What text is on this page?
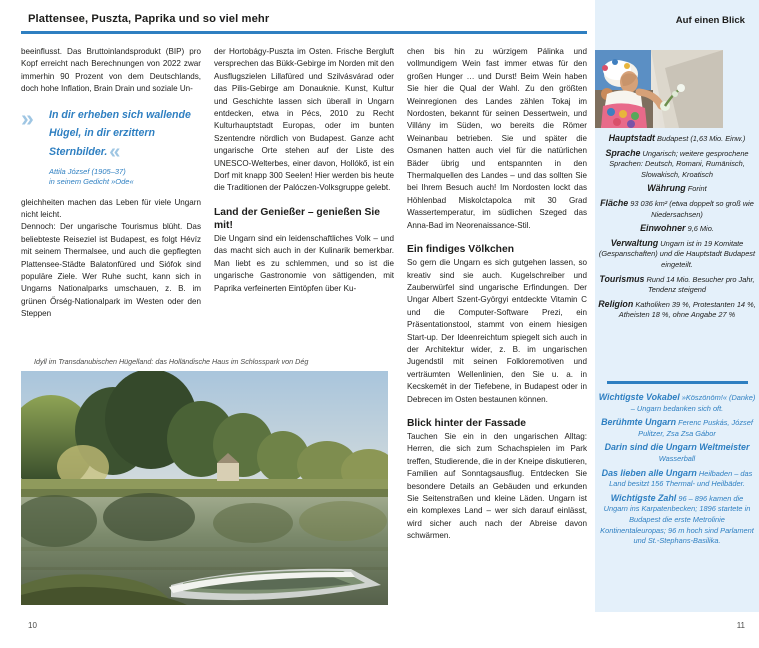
Plattensee, Puszta, Paprika und so viel mehr

beeinflusst. Das Bruttoinlandsprodukt (BIP) pro Kopf erreicht nach Berechnungen von 2022 zwar immerhin 90 Prozent von dem Deutschlands, doch hohe Inflation, Brain Drain und soziale Un-

» In dir erheben sich wallende Hügel, in dir erzittern Sternbilder. «
Attila József (1905–37)
in seinem Gedicht »Ode«

gleichheiten machen das Leben für viele Ungarn nicht leicht.

Dennoch: Der ungarische Tourismus blüht. Das beliebteste Reiseziel ist Budapest, es folgt Hévíz mit seinem Thermalsee, und auch die gepflegten Plattensee-Städte Balatonfüred und Siófok sind populäre Ziele. Wer Ruhe sucht, kann sich in Ungarns Nationalparks umschauen, z. B. im grünen Őrség-Nationalpark im Westen oder den Steppen

der Hortobágy-Puszta im Osten. Frische Bergluft versprechen das Bükk-Gebirge im Norden mit den Ausflugszielen Lillafüred und Szilvásvárad oder das Pilis-Gebirge am Donauknie. Kunst, Kultur und Geschichte lassen sich überall in Ungarn entdecken, etwa in Pécs, 2010 zu Recht Kulturhauptstadt Europas, oder im bunten Szentendre nördlich von Budapest. Ganze acht ungarische Orte stehen auf der Liste des UNESCO-Welterbes, einer davon, Hollókő, ist ein Dorf mit knapp 300 Seelen! Hier werden bis heute die Traditionen der Palóczen-Volksgruppe gelebt.

Land der Genießer – genießen Sie mit!

Die Ungarn sind ein leidenschaftliches Volk – und das macht sich auch in der Kulinarik bemerkbar. Man liebt es zu schlemmen, und so ist die ungarische Gastronomie von sättigenden, mit Paprika verfeinerten Eintöpfen über Ku-

chen bis hin zu würzigem Pálinka und vollmundigem Wein fast immer etwas für den großen Hunger … und Durst! Beim Wein haben Sie hier die Qual der Wahl. Zu den größten Weinregionen des Landes zählen Tokaj im Nordosten, bekannt für seinen Dessertwein, und Villány im Süden, wo bereits die Römer Weinanbau betrieben. Sie und später die Osmanen hatten auch viel für die natürlichen Bäder übrig und entspannten in den Thermalquellen des Landes – und das sollten Sie bei Ihrem Besuch auch! Im Nordosten lockt das Höhlenbad Miskolctapolca mit 30 Grad Wassertemperatur, im südlichen Szeged das Anna-Bad im Neorenaissance-Stil.

Ein findiges Völkchen

So gern die Ungarn es sich gutgehen lassen, so kreativ sind sie auch. Kugelschreiber und Zauberwürfel sind ungarische Erfindungen. Der Ungar Albert Szent-Györgyi entdeckte Vitamin C und die Computer-Software Prezi, ein Präsentationstool, stammt von einem hiesigen Start-up. Der Ideenreichtum spiegelt sich auch in der Architektur wider, z. B. im ungarischen Jugendstil mit seinen Folkloremotiven und verträumten Wellenlinien, den Sie u. a. in Kecskemét in der Tiefebene, in Budapest oder in Debrecen im Osten bestaunen können.

Blick hinter der Fassade

Tauchen Sie ein in den ungarischen Alltag: Herren, die sich zum Schachspielen im Park treffen, Studierende, die in der Kneipe diskutieren, Familien auf Sonntagsausflug. Entdecken Sie besondere Details an Gebäuden und erkunden Sie Seitenstraßen und kleine Läden. Ungarn ist ein komplexes Land – wer sich darauf einlässt, wird sicher auch nach der Abreise davon schwärmen.

Idyll im Transdanubischen Hügelland: das Holländische Haus im Schlosspark von Dég
10
Auf einen Blick
Hauptstadt Budapest (1,63 Mio. Einw.)
Sprache Ungarisch; weitere gesprochene Sprachen: Deutsch, Romani, Rumänisch, Slowakisch, Kroatisch
Währung Forint
Fläche 93 036 km² (etwa doppelt so groß wie Niedersachsen)
Einwohner 9,6 Mio.
Verwaltung Ungarn ist in 19 Komitate (Gespanschaften) und die Hauptstadt Budapest eingeteilt.
Tourismus Rund 14 Mio. Besucher pro Jahr, Tendenz steigend
Religion Katholiken 39 %, Protestanten 14 %, Atheisten 18 %, ohne Angabe 27 %
Wichtigste Vokabel »Köszönöm!« (Danke) – Ungarn bedanken sich oft.
Berühmte Ungarn Ferenc Puskás, József Pulitzer, Zsa Zsa Gábor
Darin sind die Ungarn Weltmeister Wasserball
Das lieben alle Ungarn Heilbaden – das Land besitzt 156 Thermal- und Heilbäder.
Wichtigste Zahl 96 – 896 kamen die Ungarn ins Karpatenbecken; 1896 startete in Budapest die erste Metrolinie Kontinentaleuropas; 96 m hoch sind Parlament und St.-Stephans-Basilika.
11
